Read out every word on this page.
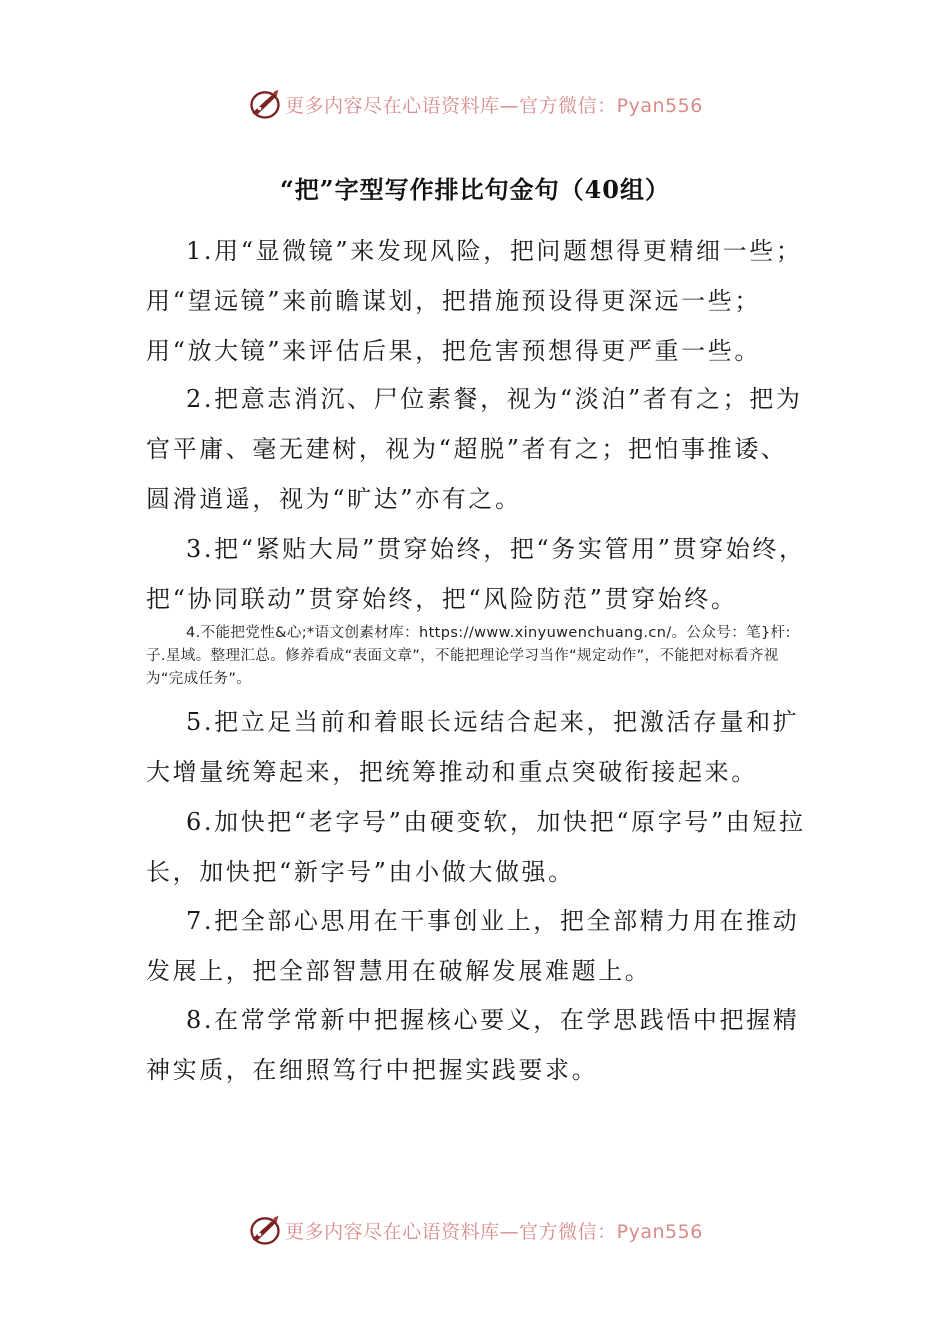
更多内容尽在心语资料库—官方微信：Pyan556
“把”字型写作排比句金句（40组）

1.用“显微镜”来发现风险，把问题想得更精细一些；用“望远镜”来前瞻谋划，把措施预设得更深远一些；用“放大镜”来评估后果，把危害预想得更严重一些。

2.把意志消沉、尸位素餐，视为“淡泊”者有之；把为官平庸、毫无建树，视为“超脱”者有之；把怕事推诿、圆滑逍遥，视为“旷达”亦有之。

3.把“紧贴大局”贯穿始终，把“务实管用”贯穿始终，把“协同联动”贯穿始终，把“风险防范”贯穿始终。

4.不能把党性&心;*语文创素材库：https://www.xinyuwenchuang.cn/。公众号：笔}杆:子.星域。整理汇总。修养看成“表面文章”，不能把理论学习当作“规定动作”，不能把对标看齐视为“完成任务”。

5.把立足当前和着眼长远结合起来，把激活存量和扩大增量统筹起来，把统筹推动和重点突破衔接起来。

6.加快把“老字号”由硬变软，加快把“原字号”由短拉长，加快把“新字号”由小做大做强。

7.把全部心思用在干事创业上，把全部精力用在推动发展上，把全部智慧用在破解发展难题上。

8.在常学常新中把握核心要义，在学思践悟中把握精神实质，在细照笃行中把握实践要求。

更多内容尽在心语资料库—官方微信：Pyan556
